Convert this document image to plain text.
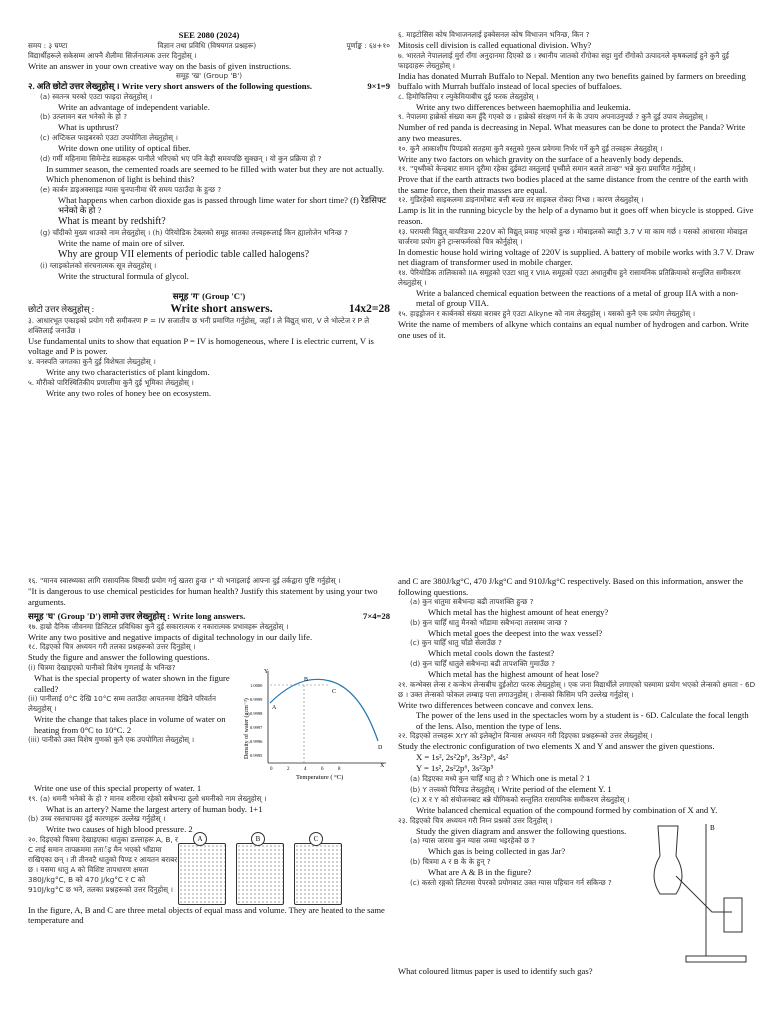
SEE 2080 (2024)
समय : ३ घण्टा	विज्ञान तथा प्रविधि (विषयगत प्रश्नहरू)	पूर्णाङ्क : ६४+१०

विद्यार्थीहरूले सकेसम्म आफ्नै शैलीमा सिर्जनात्मक उत्तर दिनुहोस् ।

Write an answer in your own creative way on the basis of given instructions.

समूह 'ख' (Group 'B')
२. अति छोटो उत्तर लेख्नुहोस् । Write very short answers of the following questions.	9×1=9

(a) स्वतन्त्र चरको एउटा फाइदा लेख्नुहोस् ।

Write an advantage of independent variable.

(b) उत्प्लावन बल भनेको के हो ?

What is upthrust?

(c) अप्टिकल फाइबरको एउटा उपयोगिता लेख्नुहोस् ।

Write down one utility of optical fiber.

(d) गर्मी महिनामा सिमेन्टेड सडकहरू पानीले भरिएको भए पनि केही समयपछि सुक्छन् । यो कुन प्रक्रिया हो ?

In summer season, the cemented roads are seemed to be filled with water but they are not actually. Which phenomenon of light is behind this?

(e) कार्बन डाइअक्साइड ग्यास चुनपानीमा धेरै समय पठाउँदा के हुन्छ ?

What happens when carbon dioxide gas is passed through lime water for short time? (f) रेडसिफ्ट भनेको के हो ?

What is meant by redshift?

(g) चाँदीको मुख्य धाउको नाम लेख्नुहोस् । (h) पेरियोडिक टेबलको समूह सातका तत्त्वहरूलाई किन ह्यालोजेन भनिन्छ ?

Write the name of main ore of silver.

Why are group VII elements of periodic table called halogens?

(i) ग्लाइकोलको संरचनात्मक सूत्र लेख्नुहोस् ।

Write the structural formula of glycol.

समूह 'ग' (Group 'C')
छोटो उत्तर लेख्नुहोस् :	Write short answers.	14x2=28

३. आधारभूत एकाइको प्रयोग गरी समीकरण P = IV सजातीय छ भनी प्रमाणित गर्नुहोस्, जहाँ I ले विद्युत् धारा, V ले भोल्टेज र P ले शक्तिलाई जनाउँछ ।

Use fundamental units to show that equation P = IV is homogeneous, where I is electric current, V is voltage and P is power.

४. वनस्पति जगतका कुनै दुई विशेषता लेख्नुहोस् ।

Write any two characteristics of plant kingdom.

५. मौरीको पारिस्थितिकीय प्रणालीमा कुनै दुई भूमिका लेख्नुहोस् ।

Write any two roles of honey bee on ecosystem.

६. माइटोसिस कोष विभाजनलाई इक्वेसनल कोष विभाजन भनिन्छ, किन ?

Mitosis cell division is called equational division. Why?

७. भारतले नेपाललाई मुर्रा राँगा अनुदानमा दिएको छ । स्थानीय जातको राँगोका सट्टा मुर्रा राँगोको उत्पादनले कृषकलाई हुने कुनै दुई फाइदाहरू लेख्नुहोस् ।

India has donated Murrah Buffalo to Nepal. Mention any two benefits gained by farmers on breeding buffalo with Murrah buffalo instead of local species of buffaloes.

८. हिमोफिलिया र ल्युकेमियाबीच दुई फरक लेख्नुहोस् ।

Write any two differences between haemophilia and leukemia.

९. नेपालमा हाब्रेको संख्या कम हुँदै गएको छ । हाब्रेको संरक्षण गर्न के के उपाय अपनाउनुपर्छ ? कुनै दुई उपाय लेख्नुहोस् ।

Number of red panda is decreasing in Nepal. What measures can be done to protect the Panda? Write any two measures.

१०. कुनै आकाशीय पिण्डको सतहमा कुनै वस्तुको गुरुत्व प्रवेगमा निर्भर गर्ने कुनै दुई तत्त्वहरू लेख्नुहोस् ।

Write any two factors on which gravity on the surface of a heavenly body depends.

११. "पृथ्वीको केन्द्रबाट समान दूरीमा रहेका दुईवटा वस्तुलाई पृथ्वीले समान बलले तान्छ" भन्ने कुरा प्रमाणित गर्नुहोस् ।

Prove that if the earth attracts two bodies placed at the same distance from the centre of the earth with the same force, then their masses are equal.

१२. गुडिरहेको साइकलमा डाइनामोबाट बत्ती बल्छ तर साइकल रोक्दा निभ्छ । कारण लेख्नुहोस् ।

Lamp is lit in the running bicycle by the help of a dynamo but it goes off when bicycle is stopped. Give reason.

१३. घरायसी विद्युत् वायरिङमा 220V को विद्युत् प्रवाह भएको हुन्छ । मोबाइलको ब्याट्री 3.7 V मा काम गर्छ । यसको आधारमा मोबाइल चार्जरमा प्रयोग हुने ट्रान्सफर्मरको चित्र कोर्नुहोस् ।

In domestic house hold wiring voltage of 220V is supplied. A battery of mobile works with 3.7 V. Draw net diagram of transformer used in mobile charger.

१४. पेरियोडिक तालिकाको IIA समूहको एउटा धातु र VIIA समूहको एउटा अधातुबीच हुने रासायनिक प्रतिक्रियाको सन्तुलित समीकरण लेख्नुहोस् ।

Write a balanced chemical equation between the reactions of a metal of group IIA with a non-metal of group VIIA.

१५. हाइड्रोजन र कार्बनको संख्या बराबर हुने एउटा Alkyne को नाम लेख्नुहोस् । यसको कुनै एक प्रयोग लेख्नुहोस् ।

Write the name of members of alkyne which contains an equal number of hydrogen and carbon. Write one uses of it.

१६. "मानव स्वास्थ्यका लागि रासायनिक विषादी प्रयोग गर्नु खतरा हुन्छ ।" यो भनाइलाई आफ्ना दुई तर्कद्वारा पुष्टि गर्नुहोस् ।

"It is dangerous to use chemical pesticides for human health? Justify this statement by using your two arguments.

समूह 'घ' (Group 'D') लामो उत्तर लेख्नुहोस् : Write long answers.	7×4=28

१७. हाम्रो दैनिक जीवनमा डिजिटल प्रविधिका कुनै दुई सकारात्मक र नकारात्मक प्रभावहरू लेख्नुहोस् ।

Write any two positive and negative impacts of digital technology in our daily life.

१८. दिइएको चित्र अध्ययन गरी तलका प्रश्नहरूको उत्तर दिनुहोस् ।

Study the figure and answer the following questions.

(i) चित्रमा देखाइएको पानीको विशेष गुणलाई के भनिन्छ?

What is the special property of water shown in the figure called?

(ii) पानीलाई 0°C देखि 10°C सम्म तताउँदा आयतनमा देखिने परिवर्तन लेख्नुहोस् ।

Write the change that takes place in volume of water on heating from 0°C to 10°C. 2

(iii) पानीको उक्त विशेष गुणको कुनै एक उपयोगिता लेख्नुहोस् ।

Y
X
1.0000
0.9999
0.9998
0.9997
0.9996
0.9995
0	2	4	6	8
A
B
C
D
Density of water (gcm⁻³)
Temperature ( °C)

Write one use of this special property of water. 1

१९. (a) धमनी भनेको के हो ? मानव शरीरमा रहेको सबैभन्दा ठूलो धमनीको नाम लेख्नुहोस् ।

What is an artery? Name the largest artery of human body. 1+1

(b) उच्च रक्तचापका दुई कारणहरू उल्लेख गर्नुहोस् ।

Write two causes of high blood pressure. 2

२०. दिइएको चित्रमा देखाइएका धातुका डल्लाहरू A, B, र C लाई समान तापक्रममा ततार्इ मैन भएको भाँडामा राखिएका छन् । ती तीनवटै धातुको पिण्ड र आयतन बराबर छ । यसमा धातु A को विशिष्ट तापधारण क्षमता 380J/kg°C, B को 470 J/kg°C र C को 910J/kg°C छ भने, तलका प्रश्नहरूको उत्तर दिनुहोस् ।

A	B	C

In the figure, A, B and C are three metal objects of equal mass and volume. They are heated to the same temperature and

and C are 380J/kg°C, 470 J/kg°C and 910J/kg°C respectively. Based on this information, answer the following questions.

(a) कुन धातुमा सबैभन्दा बढी तापशक्ति हुन्छ ?

Which metal has the highest amount of heat energy?

(b) कुन चाहिँ धातु मैनको भाँडामा सबैभन्दा तलसम्म जान्छ ?

Which metal goes the deepest into the wax vessel?

(c) कुन चाहिँ धातु चाँडो सेलाउँछ ?

Which metal cools down the fastest?

(d) कुन चाहिँ धातुले सबैभन्दा बढी तापशक्ति गुमाउँछ ?

Which metal has the highest amount of heat lose?

२१. कन्भेक्स लेन्स र कन्केभ लेन्सबीच दुईओटा फरक लेख्नुहोस् । एक जना विद्यार्थीले लगाएको चस्मामा प्रयोग भएको लेन्सको क्षमता - 6D छ । उक्त लेन्सको फोकल लम्बाइ पत्ता लगाउनुहोस् । लेन्सको किसिम पनि उल्लेख गर्नुहोस् ।

Write two differences between concave and convex lens.

The power of the lens used in the spectacles worn by a student is - 6D. Calculate the focal length of the lens. Also, mention the type of lens.

२२. दिइएको तत्त्वहरू XrY को इलेक्ट्रोन विन्यास अध्ययन गरी दिइएका प्रश्नहरूको उत्तर लेख्नुहोस् ।

Study the electronic configuration of two elements X and Y and answer the given questions.

X = 1s², 2s²2p⁶, 3s²3p⁶, 4s²

Y = 1s², 2s²2p⁶, 3s²3p⁵

(a) दिइएका मध्ये कुन चाहिँ धातु हो ? Which one is metal ? 1

(b) Y तत्त्वको पिरियड लेख्नुहोस् । Write period of the element Y. 1

(c) X र Y को संयोजनबाट बन्ने यौगिकको सन्तुलित रासायनिक समीकरण लेख्नुहोस् ।

Write balanced chemical equation of the compound formed by combination of X and Y.

२३. दिइएको चित्र अध्ययन गरी निम्न प्रश्नको उत्तर दिनुहोस् ।

Study the given diagram and answer the following questions.

(a) ग्यास जारमा कुन ग्यास जम्मा भइरहेको छ ?

Which gas is being collected in gas Jar?

(b) चित्रमा A र B के के हुन् ?

What are A & B in the figure?

(c) कस्तो रङ्गको लिटमस पेपरको प्रयोगबाट उक्त ग्यास पहिचान गर्न सकिन्छ ?

B

What coloured litmus paper is used to identify such gas?
